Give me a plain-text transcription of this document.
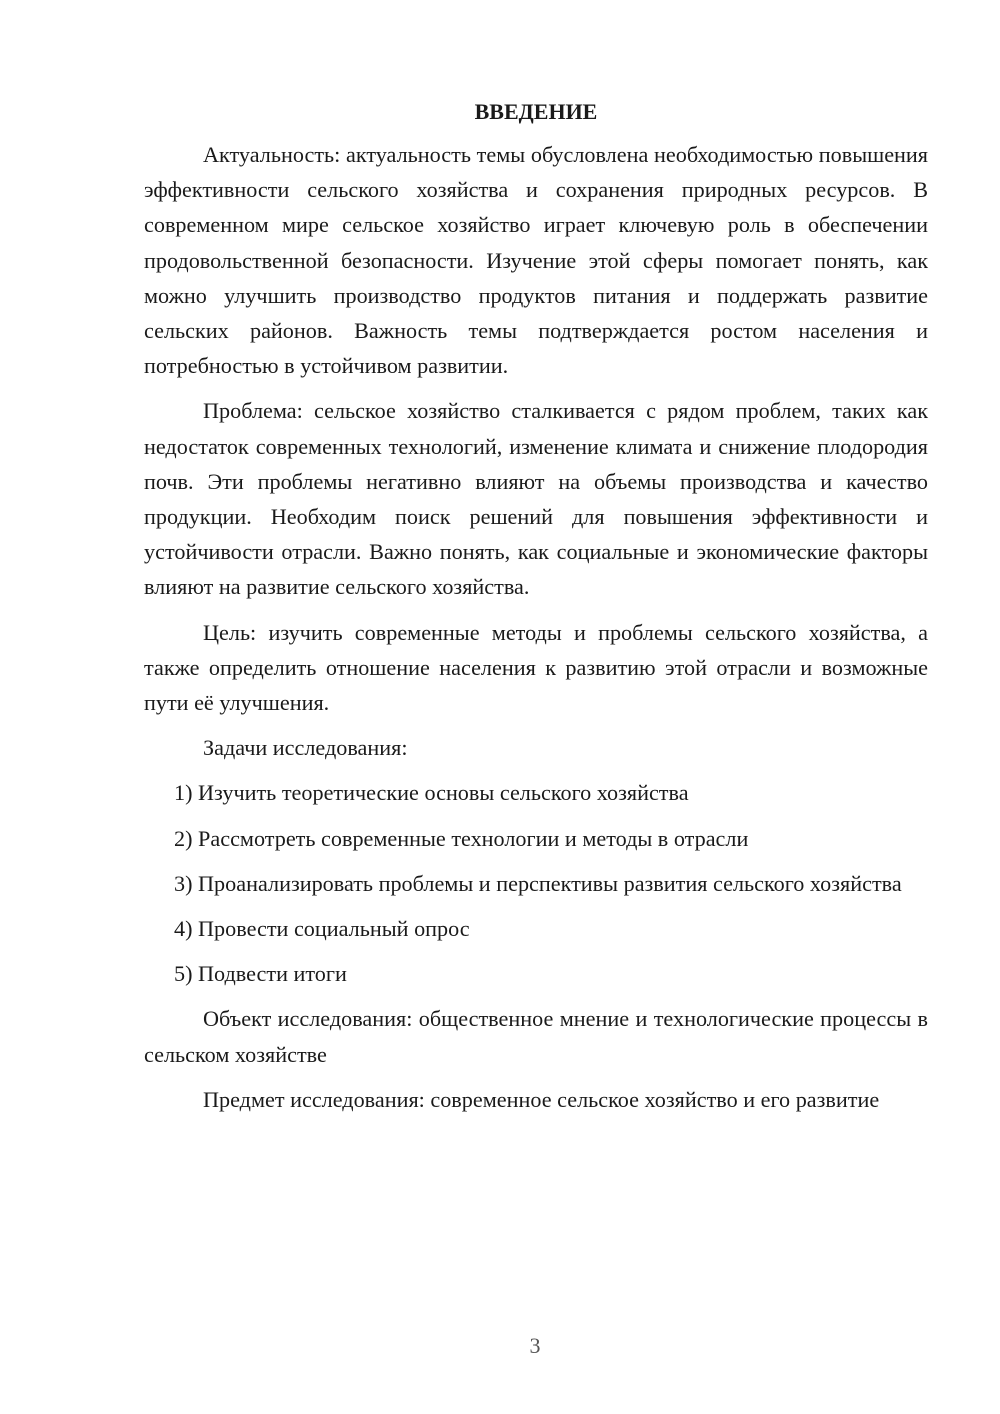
ВВЕДЕНИЕ

Актуальность: актуальность темы обусловлена необходимостью повышения эффективности сельского хозяйства и сохранения природных ресурсов. В современном мире сельское хозяйство играет ключевую роль в обеспечении продовольственной безопасности. Изучение этой сферы помогает понять, как можно улучшить производство продуктов питания и поддержать развитие сельских районов. Важность темы подтверждается ростом населения и потребностью в устойчивом развитии.

Проблема: сельское хозяйство сталкивается с рядом проблем, таких как недостаток современных технологий, изменение климата и снижение плодородия почв. Эти проблемы негативно влияют на объемы производства и качество продукции. Необходим поиск решений для повышения эффективности и устойчивости отрасли. Важно понять, как социальные и экономические факторы влияют на развитие сельского хозяйства.

Цель: изучить современные методы и проблемы сельского хозяйства, а также определить отношение населения к развитию этой отрасли и возможные пути её улучшения.

Задачи исследования:

1) Изучить теоретические основы сельского хозяйства

2) Рассмотреть современные технологии и методы в отрасли

3) Проанализировать проблемы и перспективы развития сельского хозяйства

4) Провести социальный опрос

5) Подвести итоги

Объект исследования: общественное мнение и технологические процессы в сельском хозяйстве

Предмет исследования: современное сельское хозяйство и его развитие

3
